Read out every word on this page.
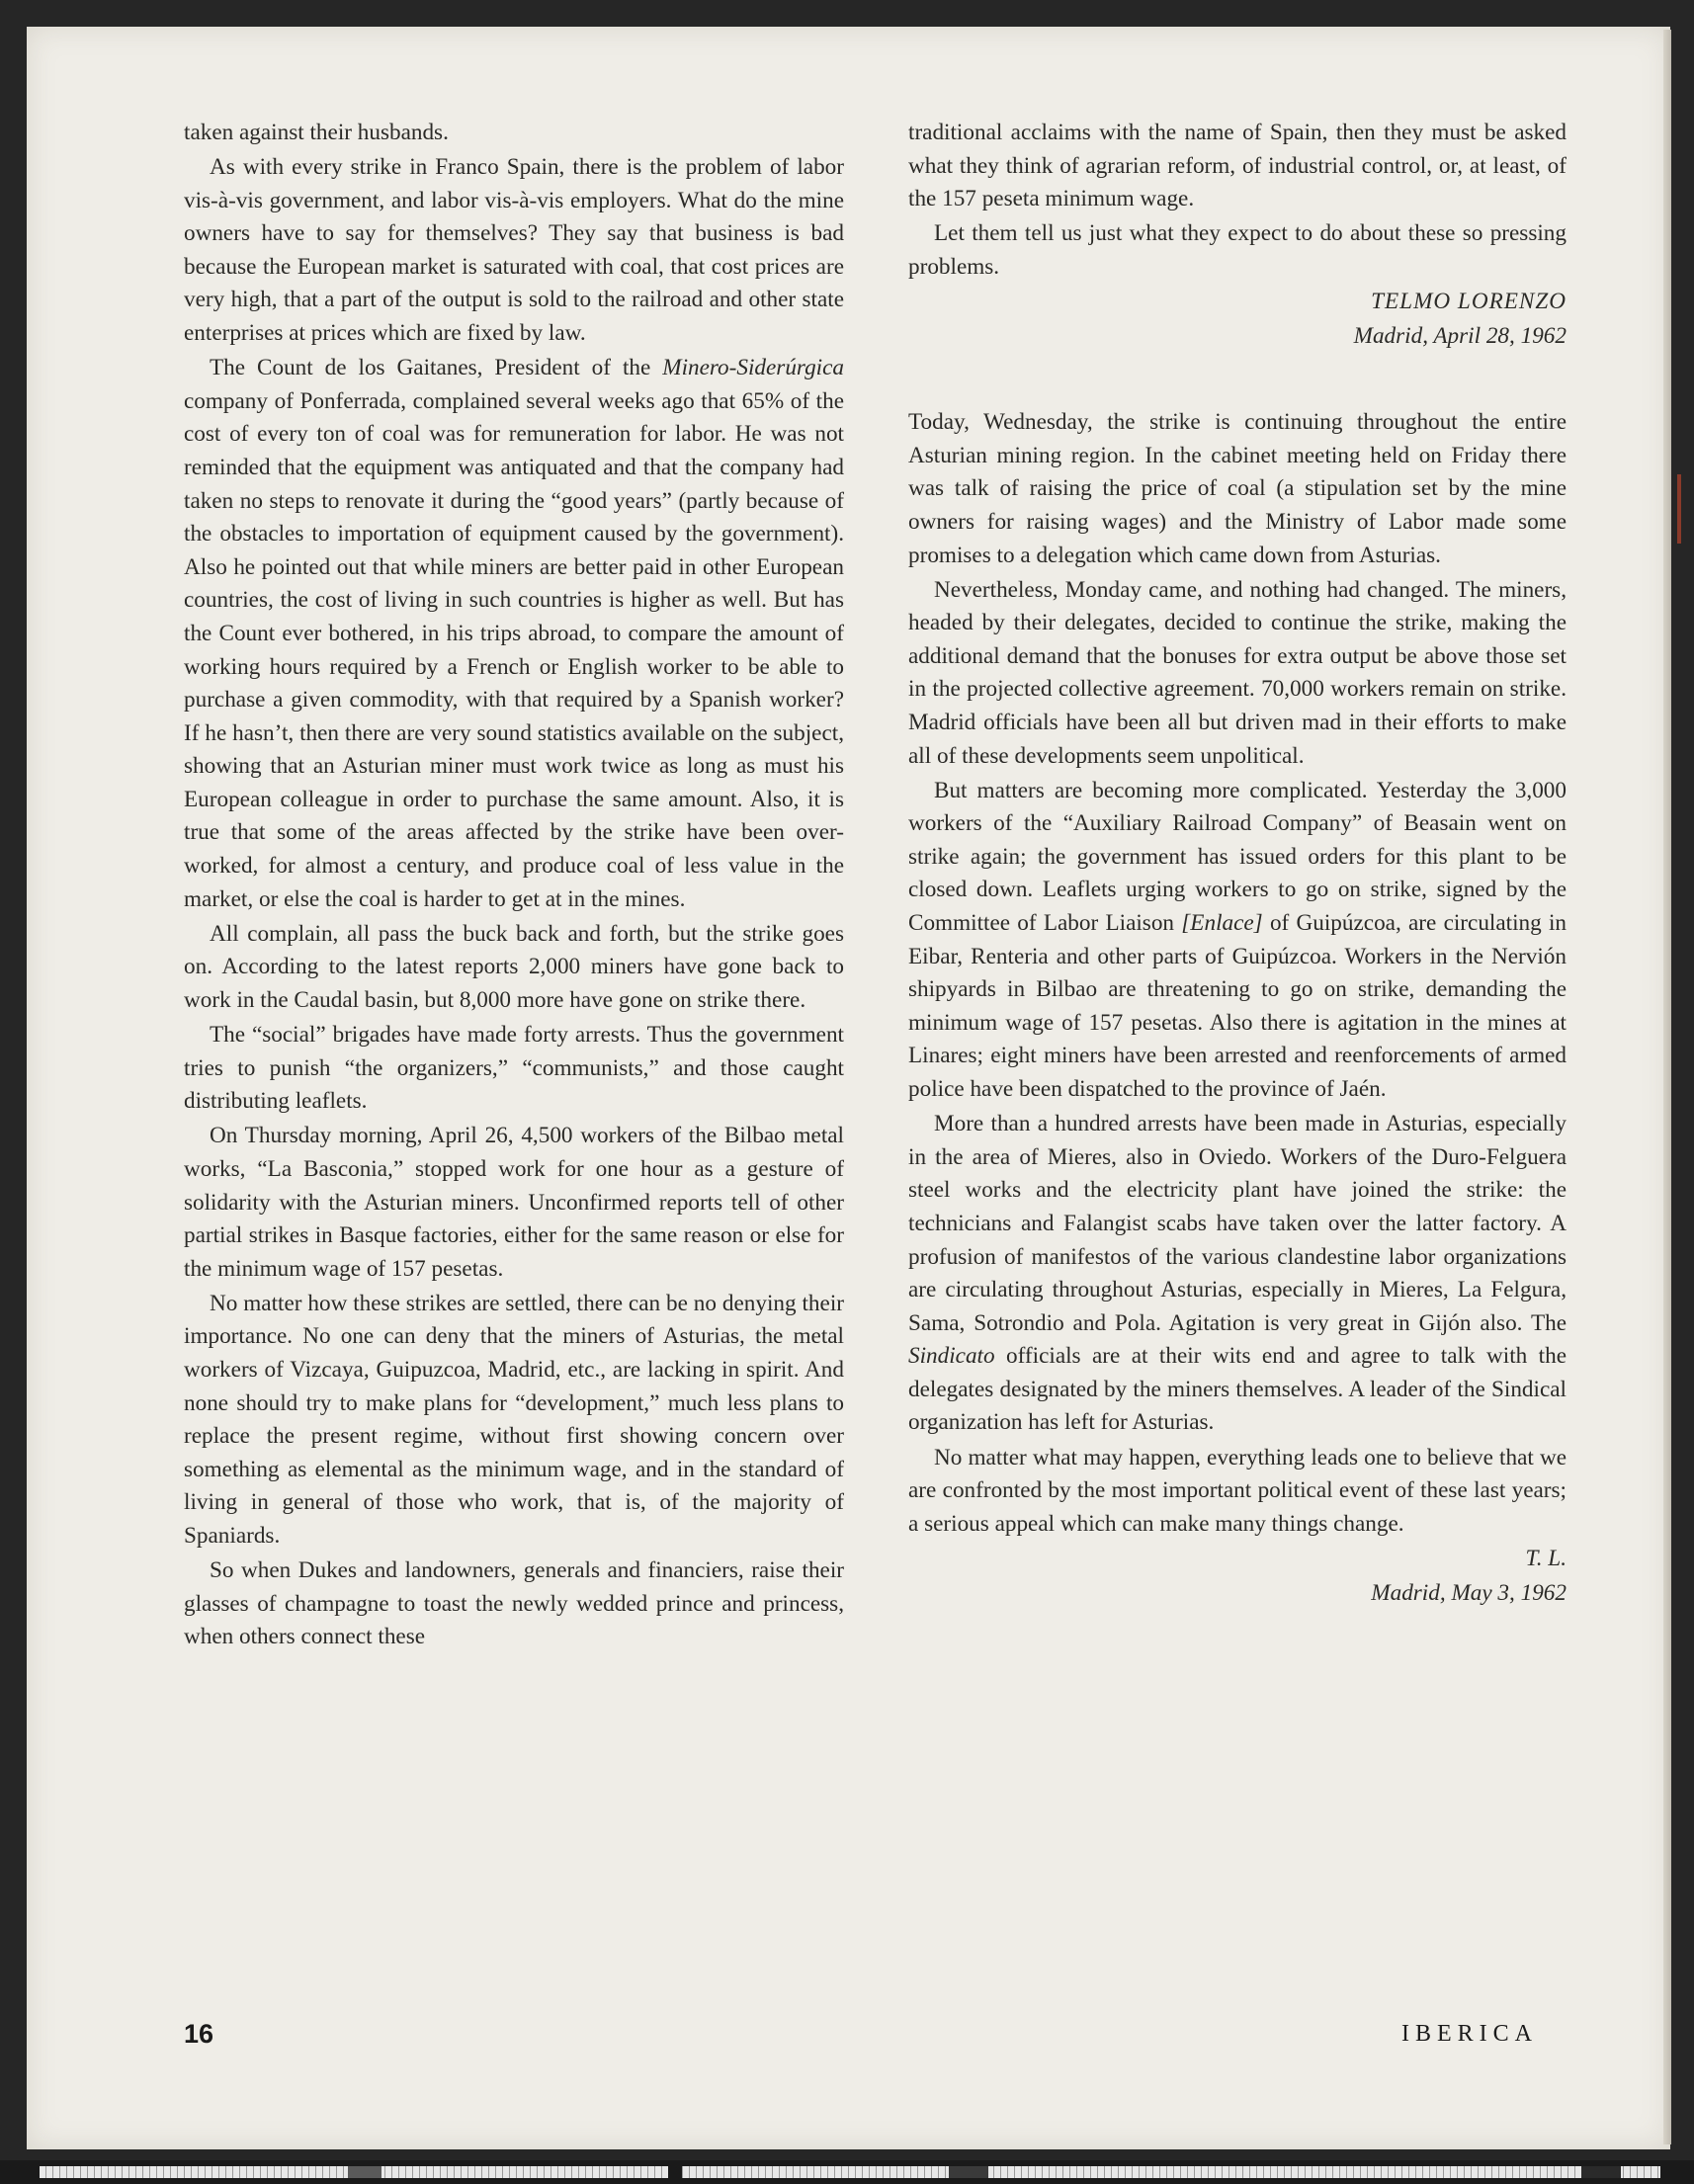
taken against their husbands.

As with every strike in Franco Spain, there is the problem of labor vis-à-vis government, and labor vis-à-vis employers. What do the mine owners have to say for themselves? They say that business is bad because the European market is saturated with coal, that cost prices are very high, that a part of the output is sold to the railroad and other state enterprises at prices which are fixed by law.

The Count de los Gaitanes, President of the Minero-Siderúrgica company of Ponferrada, complained several weeks ago that 65% of the cost of every ton of coal was for remuneration for labor. He was not reminded that the equipment was antiquated and that the company had taken no steps to renovate it during the “good years” (partly because of the obstacles to importation of equipment caused by the government). Also he pointed out that while miners are better paid in other European countries, the cost of living in such countries is higher as well. But has the Count ever bothered, in his trips abroad, to compare the amount of working hours required by a French or English worker to be able to purchase a given commodity, with that required by a Spanish worker? If he hasn’t, then there are very sound statistics available on the subject, showing that an Asturian miner must work twice as long as must his European colleague in order to purchase the same amount. Also, it is true that some of the areas affected by the strike have been over-worked, for almost a century, and produce coal of less value in the market, or else the coal is harder to get at in the mines.

All complain, all pass the buck back and forth, but the strike goes on. According to the latest reports 2,000 miners have gone back to work in the Caudal basin, but 8,000 more have gone on strike there.

The “social” brigades have made forty arrests. Thus the government tries to punish “the organizers,” “communists,” and those caught distributing leaflets.

On Thursday morning, April 26, 4,500 workers of the Bilbao metal works, “La Basconia,” stopped work for one hour as a gesture of solidarity with the Asturian miners. Unconfirmed reports tell of other partial strikes in Basque factories, either for the same reason or else for the minimum wage of 157 pesetas.

No matter how these strikes are settled, there can be no denying their importance. No one can deny that the miners of Asturias, the metal workers of Vizcaya, Guipuzcoa, Madrid, etc., are lacking in spirit. And none should try to make plans for “development,” much less plans to replace the present regime, without first showing concern over something as elemental as the minimum wage, and in the standard of living in general of those who work, that is, of the majority of Spaniards.

So when Dukes and landowners, generals and financiers, raise their glasses of champagne to toast the newly wedded prince and princess, when others connect these

traditional acclaims with the name of Spain, then they must be asked what they think of agrarian reform, of industrial control, or, at least, of the 157 peseta minimum wage.

Let them tell us just what they expect to do about these so pressing problems.

TELMO LORENZO

Madrid, April 28, 1962

Today, Wednesday, the strike is continuing throughout the entire Asturian mining region. In the cabinet meeting held on Friday there was talk of raising the price of coal (a stipulation set by the mine owners for raising wages) and the Ministry of Labor made some promises to a delegation which came down from Asturias.

Nevertheless, Monday came, and nothing had changed. The miners, headed by their delegates, decided to continue the strike, making the additional demand that the bonuses for extra output be above those set in the projected collective agreement. 70,000 workers remain on strike. Madrid officials have been all but driven mad in their efforts to make all of these developments seem unpolitical.

But matters are becoming more complicated. Yesterday the 3,000 workers of the “Auxiliary Railroad Company” of Beasain went on strike again; the government has issued orders for this plant to be closed down. Leaflets urging workers to go on strike, signed by the Committee of Labor Liaison [Enlace] of Guipúzcoa, are circulating in Eibar, Renteria and other parts of Guipúzcoa. Workers in the Nervión shipyards in Bilbao are threatening to go on strike, demanding the minimum wage of 157 pesetas. Also there is agitation in the mines at Linares; eight miners have been arrested and reenforcements of armed police have been dispatched to the province of Jaén.

More than a hundred arrests have been made in Asturias, especially in the area of Mieres, also in Oviedo. Workers of the Duro-Felguera steel works and the electricity plant have joined the strike: the technicians and Falangist scabs have taken over the latter factory. A profusion of manifestos of the various clandestine labor organizations are circulating throughout Asturias, especially in Mieres, La Felgura, Sama, Sotrondio and Pola. Agitation is very great in Gijón also. The Sindicato officials are at their wits end and agree to talk with the delegates designated by the miners themselves. A leader of the Sindical organization has left for Asturias.

No matter what may happen, everything leads one to believe that we are confronted by the most important political event of these last years; a serious appeal which can make many things change.

T. L.

Madrid, May 3, 1962

16	IBERICA
